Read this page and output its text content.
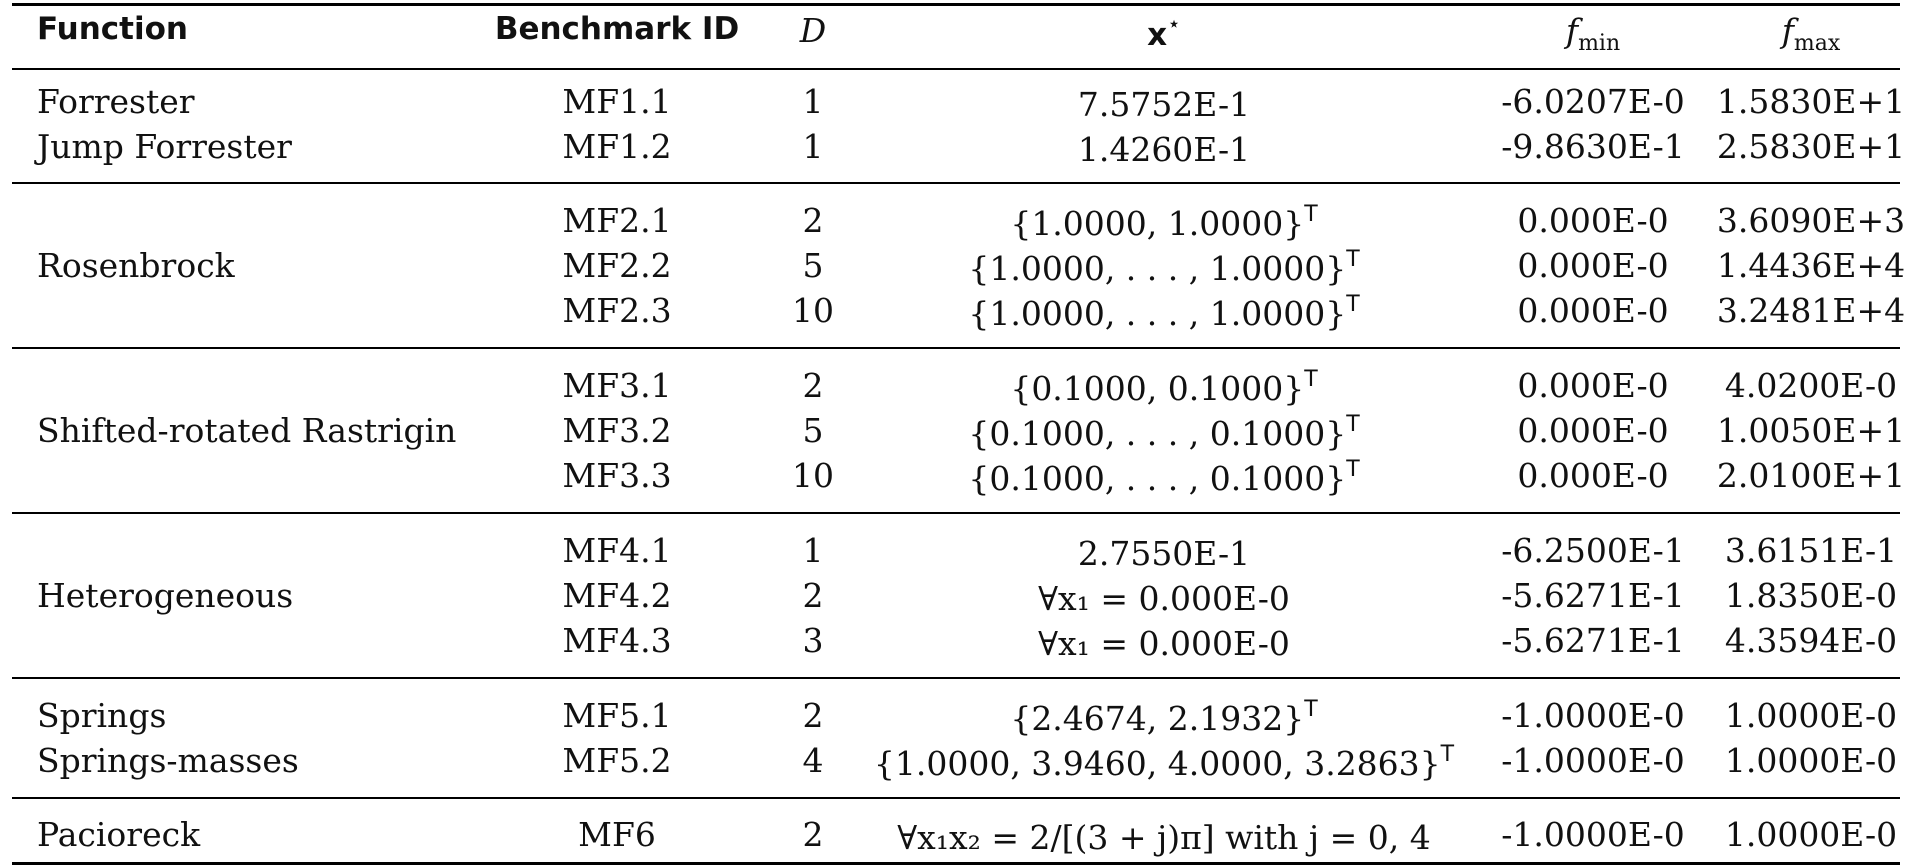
Function	Benchmark ID D	x⋆	$f_{min}$	$f_{max}$
Forrester	MF1.1	1	7.5752E-1	-6.0207E-0 1.5830E+1
Jump Forrester	MF1.2	1	1.4260E-1	-9.8630E-1 2.5830E+1
MF2.1	2	{1.0000, 1.0000}$^T$	0.000E-0 3.6090E+3
Rosenbrock	MF2.2	5	{1.0000, . . . , 1.0000}$^T$	0.000E-0 1.4436E+4
MF2.3	10	{1.0000, . . . , 1.0000}$^T$	0.000E-0 3.2481E+4
MF3.1	2	{0.1000, 0.1000}$^T$	0.000E-0 4.0200E-0
Shifted-rotated Rastrigin	MF3.2	5	{0.1000, . . . , 0.1000}$^T$	0.000E-0 1.0050E+1
MF3.3	10	{0.1000, . . . , 0.1000}$^T$	0.000E-0 2.0100E+1
MF4.1	1	2.7550E-1	-6.2500E-1 3.6151E-1
Heterogeneous	MF4.2	2	∀x₁ = 0.000E-0	-5.6271E-1 1.8350E-0
MF4.3	3	∀x₁ = 0.000E-0	-5.6271E-1 4.3594E-0
Springs	MF5.1	2	{2.4674, 2.1932}$^T$	-1.0000E-0 1.0000E-0
Springs-masses	MF5.2	4 {1.0000, 3.9460, 4.0000, 3.2863}$^T$ -1.0000E-0 1.0000E-0
Pacioreck	MF6	2 ∀x₁x₂ = 2/[(3 + j)π] with j = 0, 4 -1.0000E-0 1.0000E-0
